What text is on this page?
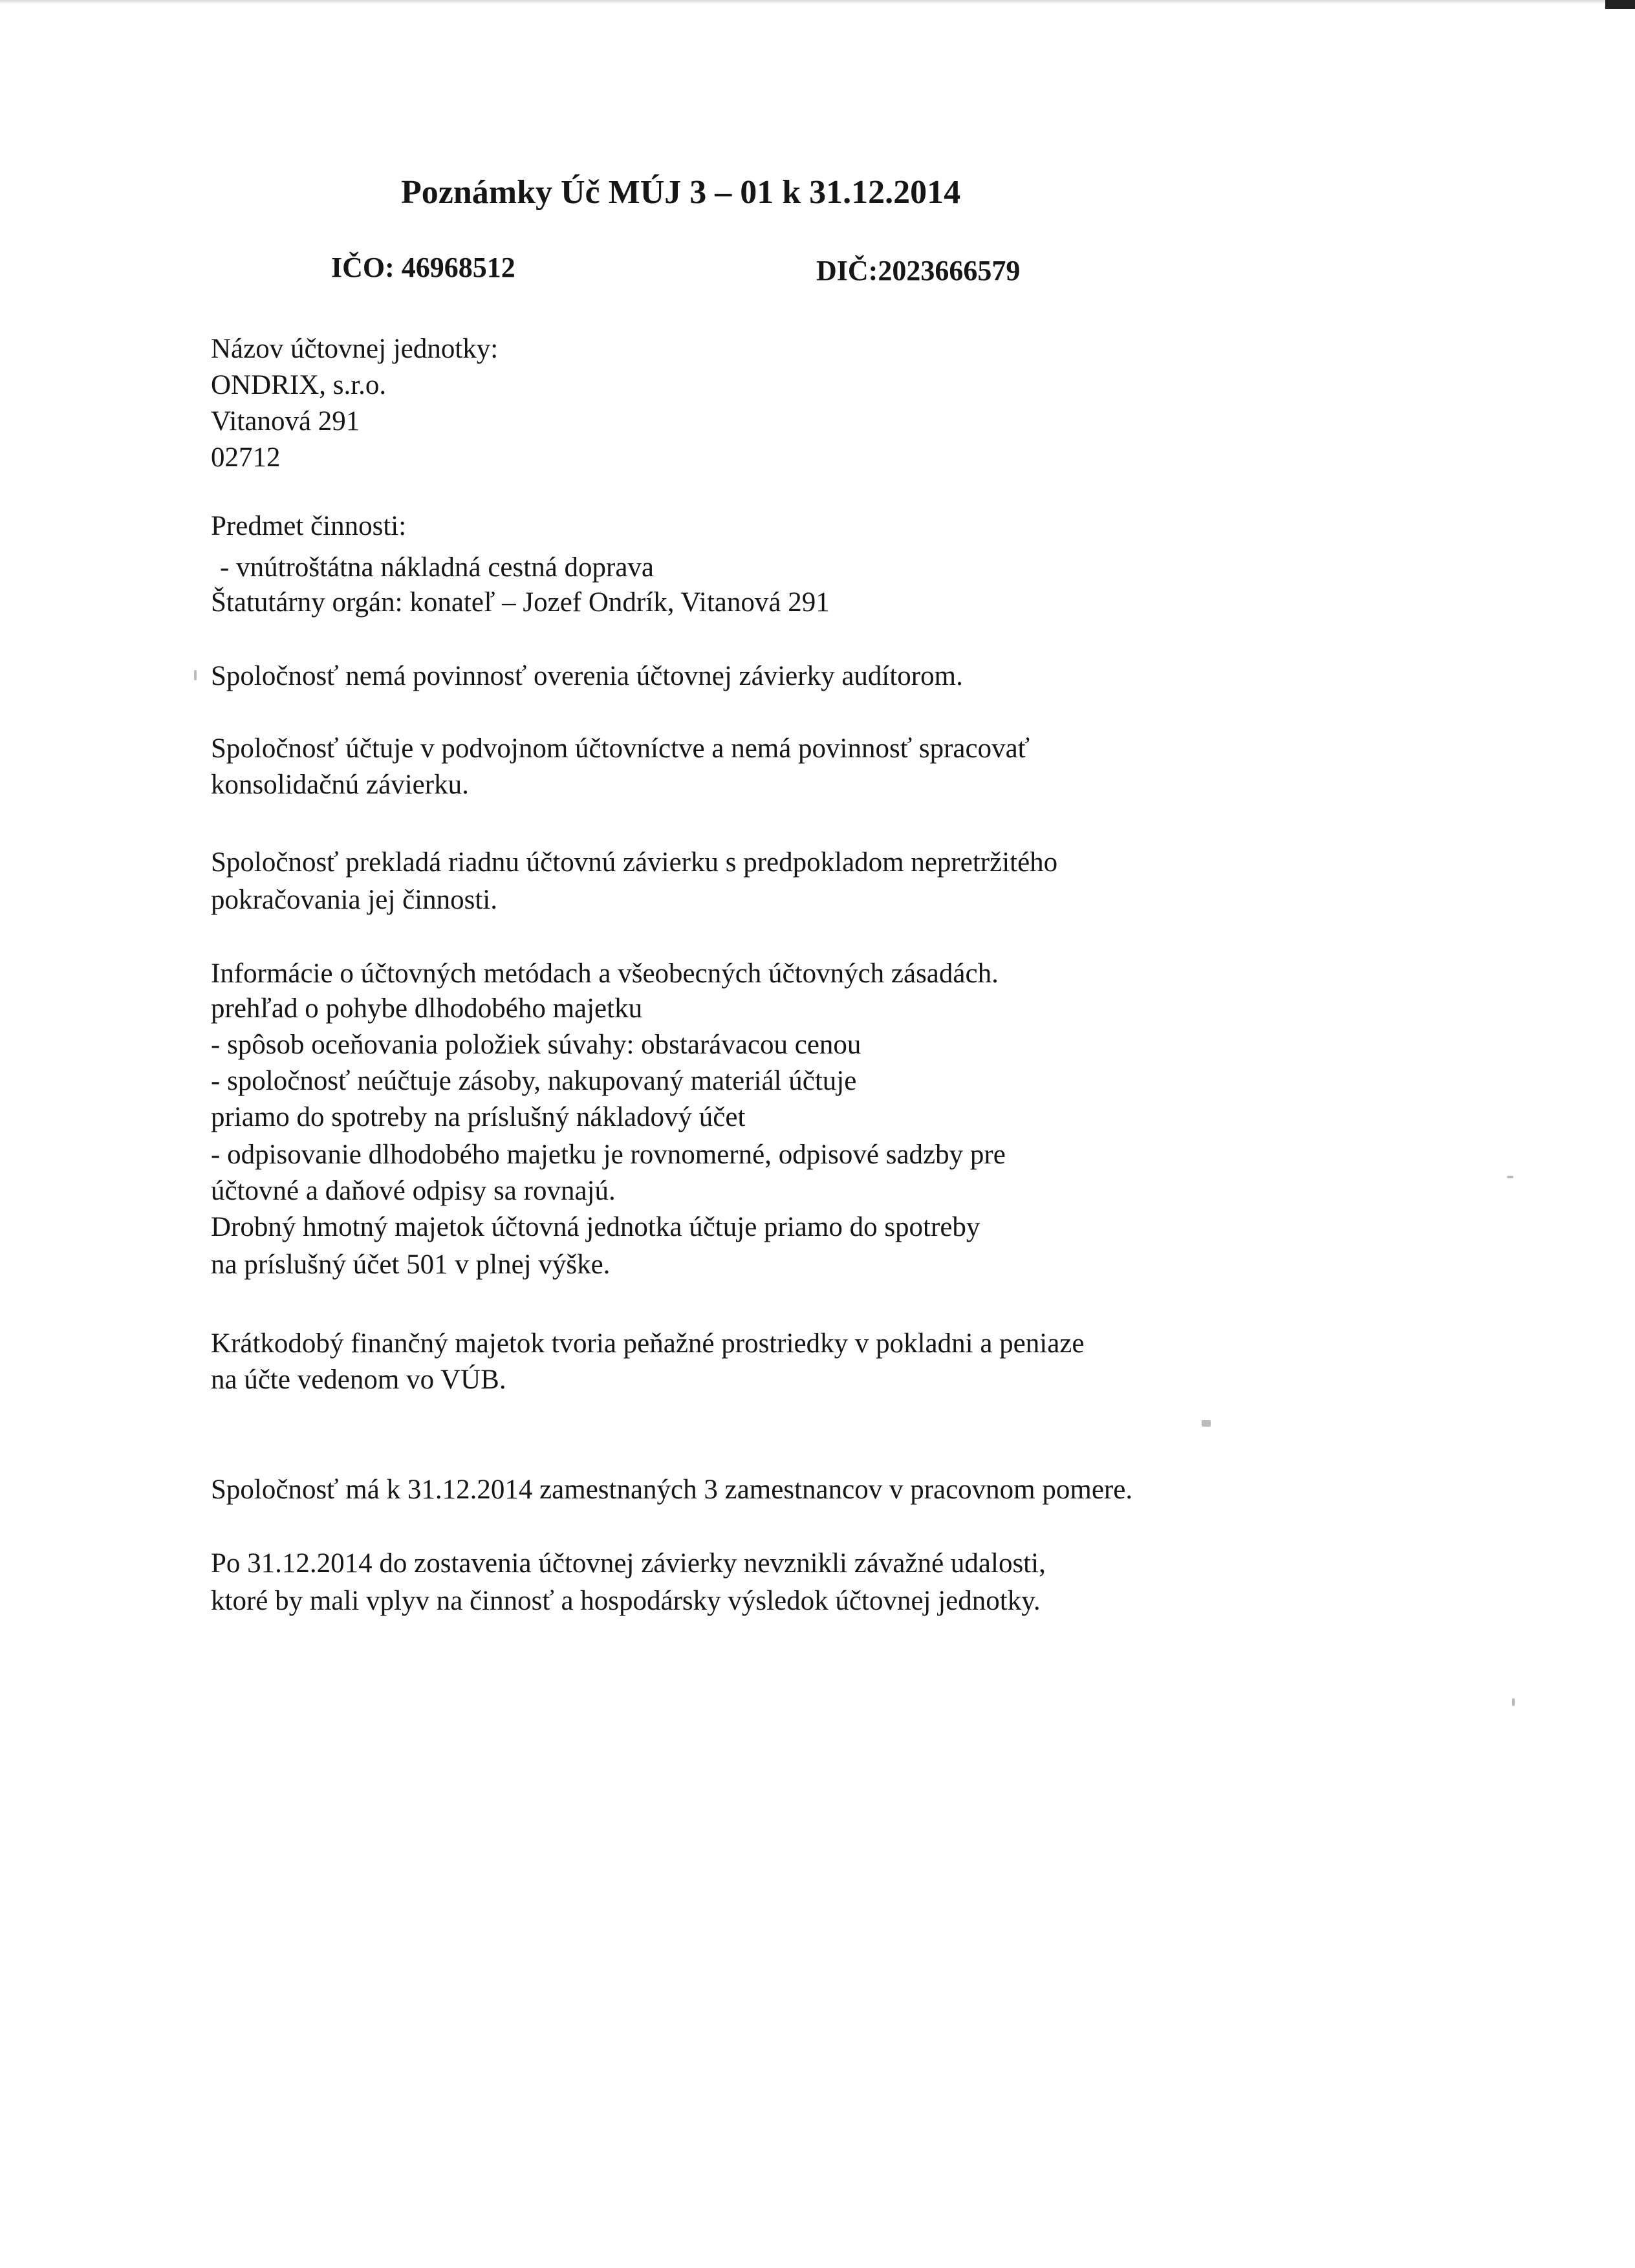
Poznámky Úč MÚJ 3 – 01 k 31.12.2014
IČO: 46968512	DIČ:2023666579
Názov účtovnej jednotky:
ONDRIX, s.r.o.
Vitanová 291
02712
Predmet činnosti:
- vnútroštátna nákladná cestná doprava
Štatutárny orgán: konateľ – Jozef Ondrík, Vitanová 291
Spoločnosť nemá povinnosť overenia účtovnej závierky audítorom.
Spoločnosť účtuje v podvojnom účtovníctve a nemá povinnosť spracovať
konsolidačnú závierku.
Spoločnosť prekladá riadnu účtovnú závierku s predpokladom nepretržitého
pokračovania jej činnosti.
Informácie o účtovných metódach a všeobecných účtovných zásadách.
prehľad o pohybe dlhodobého majetku
- spôsob oceňovania položiek súvahy: obstarávacou cenou
- spoločnosť neúčtuje zásoby, nakupovaný materiál účtuje
priamo do spotreby na príslušný nákladový účet
- odpisovanie dlhodobého majetku je rovnomerné, odpisové sadzby pre
účtovné a daňové odpisy sa rovnajú.
Drobný hmotný majetok účtovná jednotka účtuje priamo do spotreby
na príslušný účet 501 v plnej výške.
Krátkodobý finančný majetok tvoria peňažné prostriedky v pokladni a peniaze
na účte vedenom vo VÚB.
Spoločnosť má k 31.12.2014 zamestnaných 3 zamestnancov v pracovnom pomere.
Po 31.12.2014 do zostavenia účtovnej závierky nevznikli závažné udalosti,
ktoré by mali vplyv na činnosť a hospodársky výsledok účtovnej jednotky.
